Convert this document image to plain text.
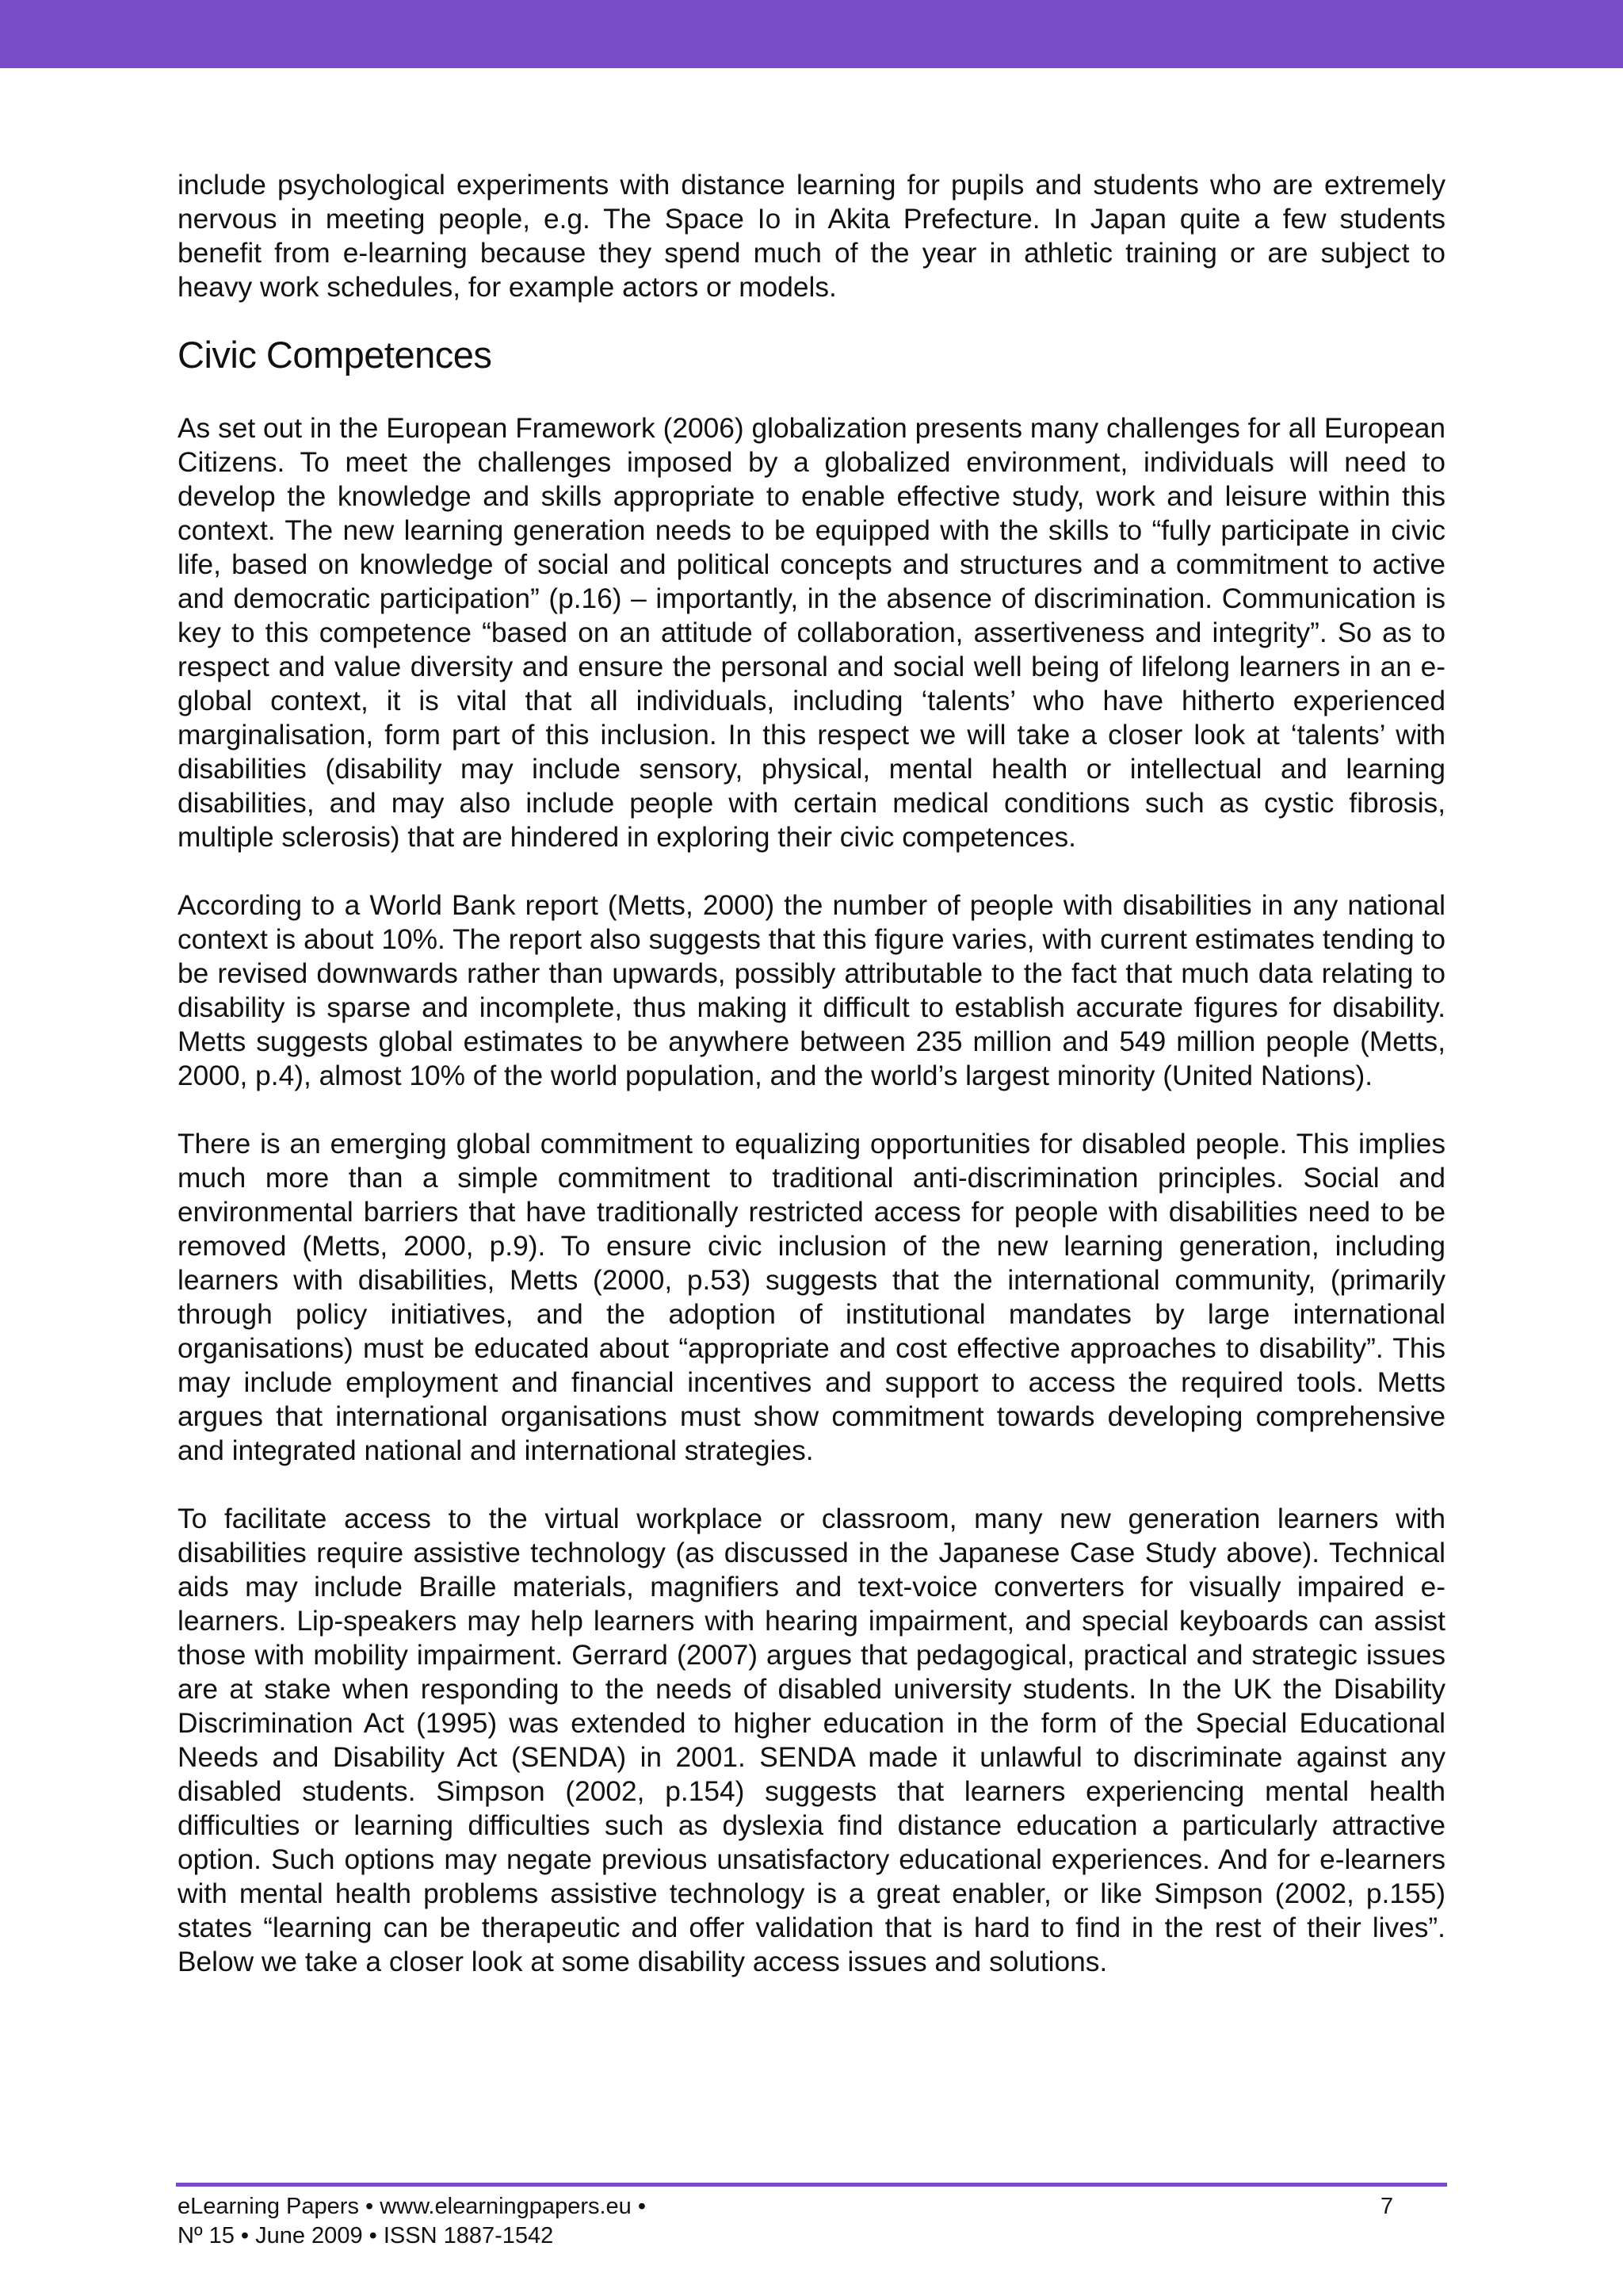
include psychological experiments with distance learning for pupils and students who are extremely nervous in meeting people, e.g. The Space Io in Akita Prefecture. In Japan quite a few students benefit from e-learning because they spend much of the year in athletic training or are subject to heavy work schedules, for example actors or models.

Civic Competences

As set out in the European Framework (2006) globalization presents many challenges for all European Citizens. To meet the challenges imposed by a globalized environment, individuals will need to develop the knowledge and skills appropriate to enable effective study, work and leisure within this context. The new learning generation needs to be equipped with the skills to “fully participate in civic life, based on knowledge of social and political concepts and structures and a commitment to active and democratic participation” (p.16) – importantly, in the absence of discrimination. Communication is key to this competence “based on an attitude of collaboration, assertiveness and integrity”. So as to respect and value diversity and ensure the personal and social well being of lifelong learners in an e-global context, it is vital that all individuals, including ‘talents’ who have hitherto experienced marginalisation, form part of this inclusion. In this respect we will take a closer look at ‘talents’ with disabilities (disability may include sensory, physical, mental health or intellectual and learning disabilities, and may also include people with certain medical conditions such as cystic fibrosis, multiple sclerosis) that are hindered in exploring their civic competences.

According to a World Bank report (Metts, 2000) the number of people with disabilities in any national context is about 10%. The report also suggests that this figure varies, with current estimates tending to be revised downwards rather than upwards, possibly attributable to the fact that much data relating to disability is sparse and incomplete, thus making it difficult to establish accurate figures for disability. Metts suggests global estimates to be anywhere between 235 million and 549 million people (Metts, 2000, p.4), almost 10% of the world population, and the world’s largest minority (United Nations).

There is an emerging global commitment to equalizing opportunities for disabled people. This implies much more than a simple commitment to traditional anti-discrimination principles. Social and environmental barriers that have traditionally restricted access for people with disabilities need to be removed (Metts, 2000, p.9). To ensure civic inclusion of the new learning generation, including learners with disabilities, Metts (2000, p.53) suggests that the international community, (primarily through policy initiatives, and the adoption of institutional mandates by large international organisations) must be educated about “appropriate and cost effective approaches to disability”. This may include employment and financial incentives and support to access the required tools. Metts argues that international organisations must show commitment towards developing comprehensive and integrated national and international strategies.

To facilitate access to the virtual workplace or classroom, many new generation learners with disabilities require assistive technology (as discussed in the Japanese Case Study above). Technical aids may include Braille materials, magnifiers and text-voice converters for visually impaired e-learners. Lip-speakers may help learners with hearing impairment, and special keyboards can assist those with mobility impairment. Gerrard (2007) argues that pedagogical, practical and strategic issues are at stake when responding to the needs of disabled university students. In the UK the Disability Discrimination Act (1995) was extended to higher education in the form of the Special Educational Needs and Disability Act (SENDA) in 2001. SENDA made it unlawful to discriminate against any disabled students. Simpson (2002, p.154) suggests that learners experiencing mental health difficulties or learning difficulties such as dyslexia find distance education a particularly attractive option. Such options may negate previous unsatisfactory educational experiences. And for e-learners with mental health problems assistive technology is a great enabler, or like Simpson (2002, p.155) states “learning can be therapeutic and offer validation that is hard to find in the rest of their lives”. Below we take a closer look at some disability access issues and solutions.

eLearning Papers • www.elearningpapers.eu •
Nº 15 • June 2009 • ISSN 1887-1542
7
